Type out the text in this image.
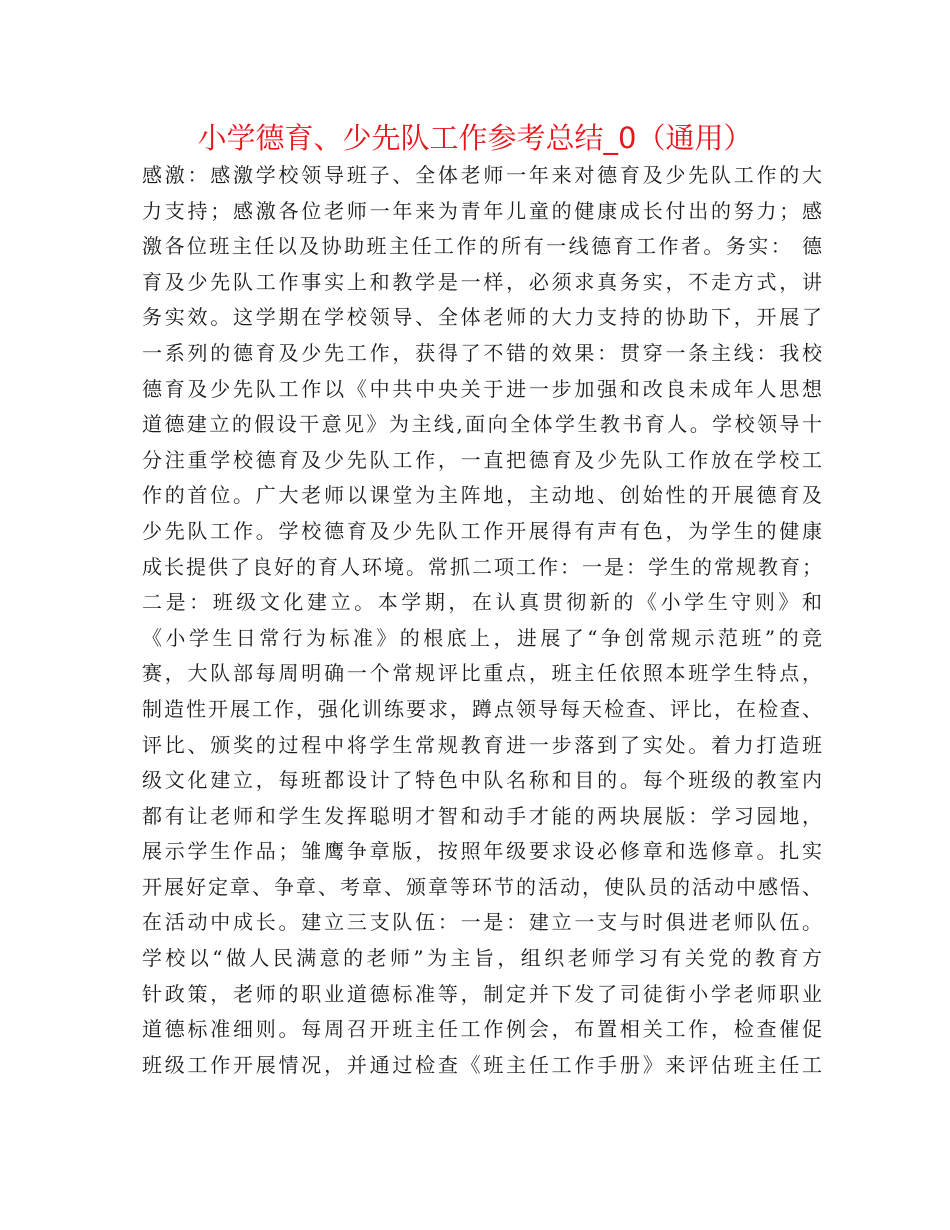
小学德育、少先队工作参考总结_0（通用）
感激：感激学校领导班子、全体老师一年来对德育及少先队工作的大
力支持；感激各位老师一年来为青年儿童的健康成长付出的努力；感
激各位班主任以及协助班主任工作的所有一线德育工作者。务实： 德
育及少先队工作事实上和教学是一样，必须求真务实，不走方式，讲
务实效。这学期在学校领导、全体老师的大力支持的协助下，开展了
一系列的德育及少先工作，获得了不错的效果：贯穿一条主线：我校
德育及少先队工作以《中共中央关于进一步加强和改良未成年人思想
道德建立的假设干意见》为主线,面向全体学生教书育人。学校领导十
分注重学校德育及少先队工作，一直把德育及少先队工作放在学校工
作的首位。广大老师以课堂为主阵地，主动地、创始性的开展德育及
少先队工作。学校德育及少先队工作开展得有声有色，为学生的健康
成长提供了良好的育人环境。常抓二项工作：一是：学生的常规教育；
二是：班级文化建立。本学期，在认真贯彻新的《小学生守则》和
《小学生日常行为标准》的根底上，进展了“争创常规示范班”的竞
赛，大队部每周明确一个常规评比重点，班主任依照本班学生特点，
制造性开展工作，强化训练要求，蹲点领导每天检查、评比，在检查、
评比、颁奖的过程中将学生常规教育进一步落到了实处。着力打造班
级文化建立，每班都设计了特色中队名称和目的。每个班级的教室内
都有让老师和学生发挥聪明才智和动手才能的两块展版：学习园地，
展示学生作品；雏鹰争章版，按照年级要求设必修章和选修章。扎实
开展好定章、争章、考章、颁章等环节的活动，使队员的活动中感悟、
在活动中成长。建立三支队伍：一是：建立一支与时俱进老师队伍。
学校以“做人民满意的老师”为主旨，组织老师学习有关党的教育方
针政策，老师的职业道德标准等，制定并下发了司徒街小学老师职业
道德标准细则。每周召开班主任工作例会，布置相关工作，检查催促
班级工作开展情况，并通过检查《班主任工作手册》来评估班主任工
